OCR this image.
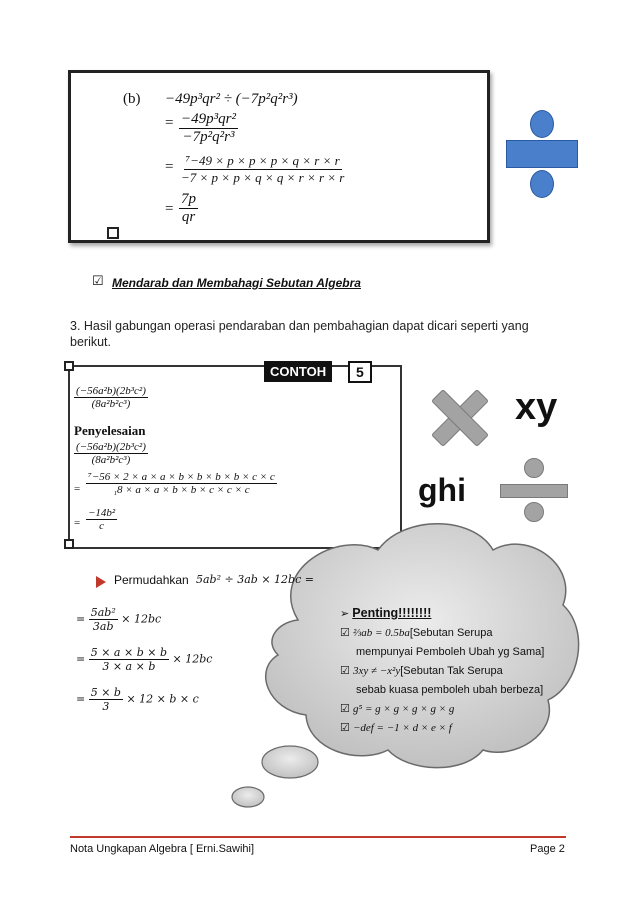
(b) −49p³qr² ÷ (−7p²q²r³)
= $\frac{\text{−49p³qr²}}{\text{−7p²q²r³}}$
= $\frac{\text{⁷−49 × p × p × p × q × r × r}}{-7 \times p \times p \times q \times q \times r \times r \times r}$
= $\frac{7p}{qr}$
☑ Mendarab dan Membahagi Sebutan Algebra
3. Hasil gabungan operasi pendaraban dan pembahagian dapat dicari seperti yang berikut.
CONTOH	5
$\frac{\text{(−56a²b)(2b³c²)}}{\text{(8a²b²c³)}}$
Penyelesaian
$\frac{\text{(−56a²b)(2b³c²)}}{\text{(8a²b²c³)}}$
= $\frac{\text{⁷−56 × 2 × a × a × b × b × b × b × c × c}}{\text{₁8 × a × a × b × b × c × c × c}}$
= $\frac{\text{−14b²}}{c}$
xy
ghi
➢ Penting!!!!!!!!
☑ ⅔ab = 0.5ba[Sebutan Serupa
mempunyai Pemboleh Ubah yg Sama]
☑ 3xy ≠ −x²y[Sebutan Tak Serupa
sebab kuasa pemboleh ubah berbeza]
☑ g⁵ = g × g × g × g × g
☑ −def = −1 × d × e × f
Permudahkan 5ab² ÷ 3ab × 12bc =
= $\frac{\text{5ab²}}{3ab} \times 12bc$
= $\frac{5 \times a \times b \times b}{3 \times a \times b} \times 12bc$
= $\frac{5 \times b}{3} \times 12 \times b \times c$
Nota Ungkapan Algebra [ Erni.Sawihi]	Page 2
